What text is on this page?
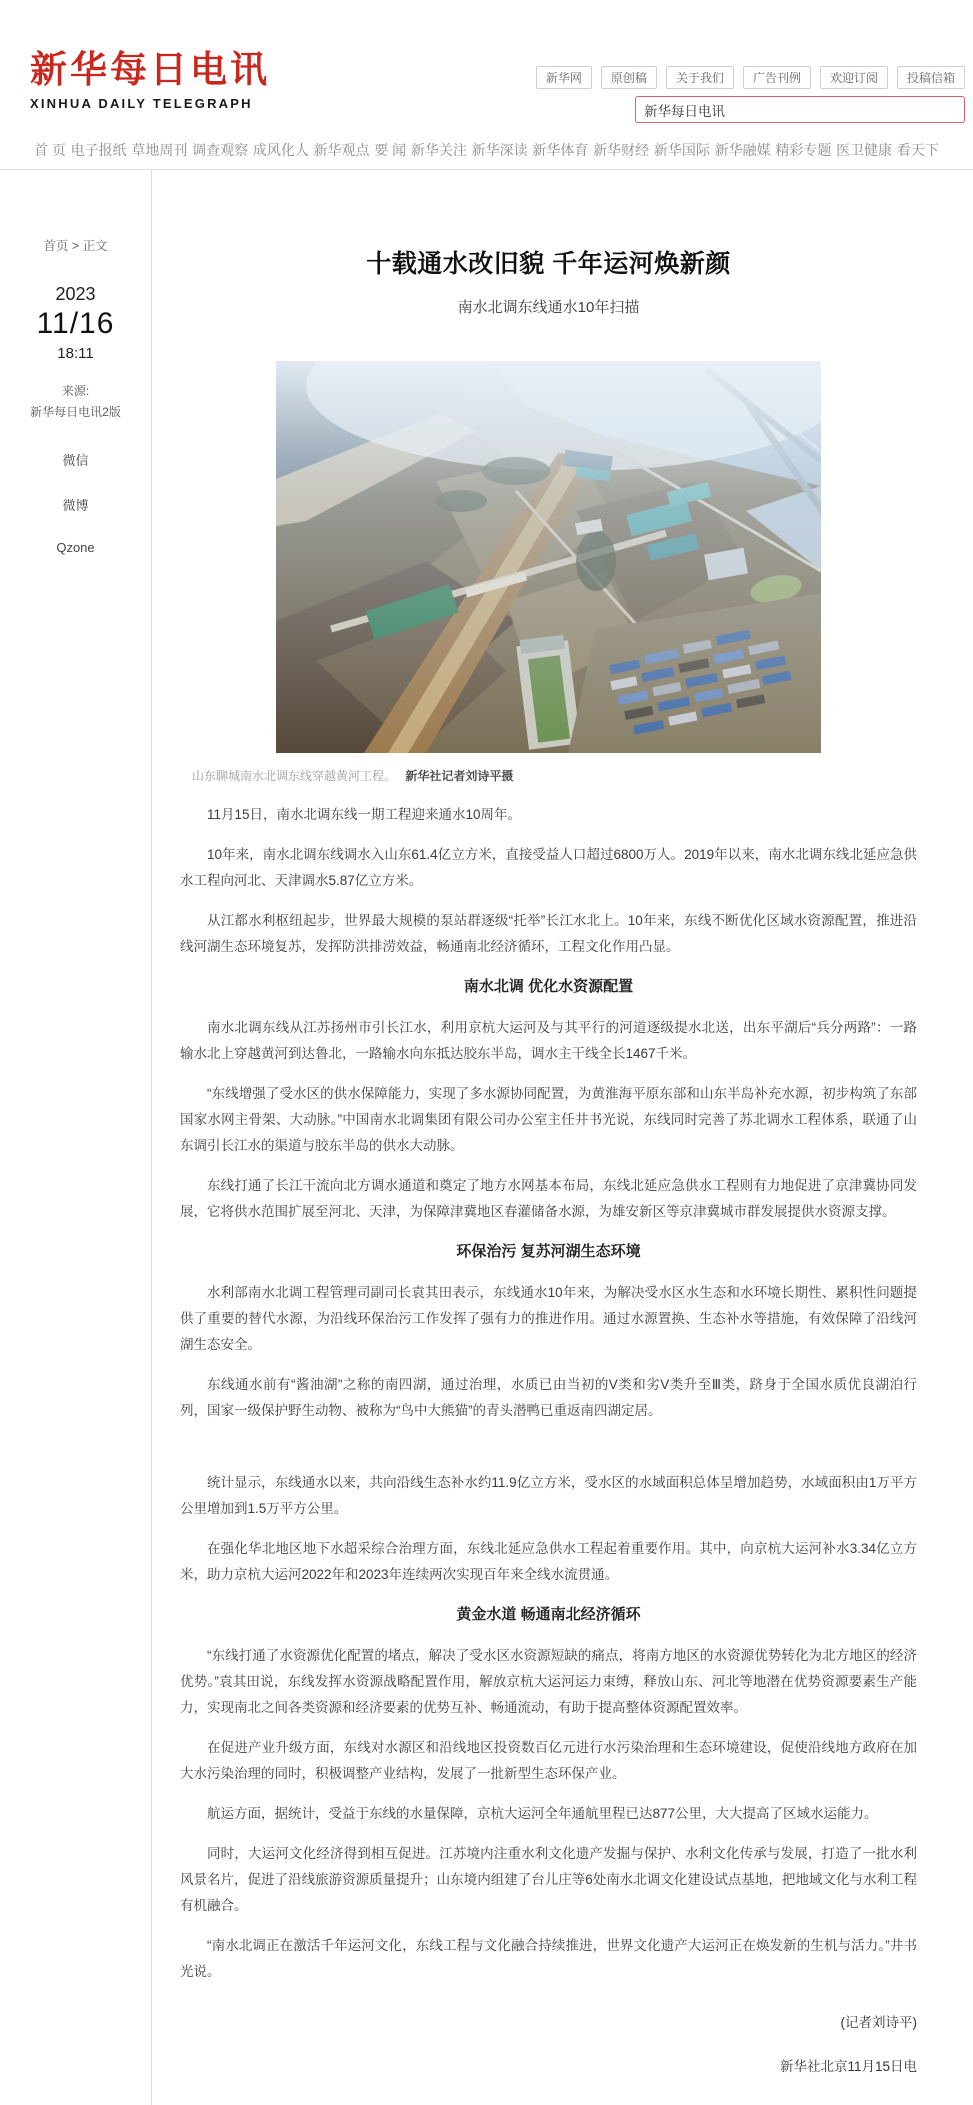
新华每日电讯
XINHUA DAILY TELEGRAPH
新华网	原创稿	关于我们	广告刊例	欢迎订阅	投稿信箱
新华每日电讯
首 页 电子报纸 草地周刊 调查观察 成风化人 新华观点 要 闻 新华关注 新华深读 新华体育 新华财经 新华国际 新华融媒 精彩专题 医卫健康 看天下
首页 > 正文
2023
11/16
18:11
来源:
新华每日电讯2版
微信
微博
Qzone
十载通水改旧貌 千年运河焕新颜
南水北调东线通水10年扫描
山东聊城南水北调东线穿越黄河工程。 新华社记者刘诗平摄

11月15日，南水北调东线一期工程迎来通水10周年。

10年来，南水北调东线调水入山东61.4亿立方米，直接受益人口超过6800万人。2019年以来，南水北调东线北延应急供水工程向河北、天津调水5.87亿立方米。

从江都水利枢纽起步，世界最大规模的泵站群逐级“托举”长江水北上。10年来，东线不断优化区域水资源配置，推进沿线河湖生态环境复苏，发挥防洪排涝效益，畅通南北经济循环，工程文化作用凸显。

南水北调 优化水资源配置

南水北调东线从江苏扬州市引长江水，利用京杭大运河及与其平行的河道逐级提水北送，出东平湖后“兵分两路”：一路输水北上穿越黄河到达鲁北，一路输水向东抵达胶东半岛，调水主干线全长1467千米。

“东线增强了受水区的供水保障能力，实现了多水源协同配置，为黄淮海平原东部和山东半岛补充水源，初步构筑了东部国家水网主骨架、大动脉。”中国南水北调集团有限公司办公室主任井书光说，东线同时完善了苏北调水工程体系，联通了山东调引长江水的渠道与胶东半岛的供水大动脉。

东线打通了长江干流向北方调水通道和奠定了地方水网基本布局，东线北延应急供水工程则有力地促进了京津冀协同发展，它将供水范围扩展至河北、天津，为保障津冀地区春灌储备水源，为雄安新区等京津冀城市群发展提供水资源支撑。

环保治污 复苏河湖生态环境

水利部南水北调工程管理司副司长袁其田表示，东线通水10年来，为解决受水区水生态和水环境长期性、累积性问题提供了重要的替代水源，为沿线环保治污工作发挥了强有力的推进作用。通过水源置换、生态补水等措施，有效保障了沿线河湖生态安全。

东线通水前有“酱油湖”之称的南四湖，通过治理，水质已由当初的V类和劣V类升至Ⅲ类，跻身于全国水质优良湖泊行列，国家一级保护野生动物、被称为“鸟中大熊猫”的青头潜鸭已重返南四湖定居。

统计显示，东线通水以来，共向沿线生态补水约11.9亿立方米，受水区的水域面积总体呈增加趋势，水域面积由1万平方公里增加到1.5万平方公里。

在强化华北地区地下水超采综合治理方面，东线北延应急供水工程起着重要作用。其中，向京杭大运河补水3.34亿立方米，助力京杭大运河2022年和2023年连续两次实现百年来全线水流贯通。

黄金水道 畅通南北经济循环

“东线打通了水资源优化配置的堵点，解决了受水区水资源短缺的痛点，将南方地区的水资源优势转化为北方地区的经济优势。”袁其田说，东线发挥水资源战略配置作用，解放京杭大运河运力束缚，释放山东、河北等地潜在优势资源要素生产能力，实现南北之间各类资源和经济要素的优势互补、畅通流动，有助于提高整体资源配置效率。

在促进产业升级方面，东线对水源区和沿线地区投资数百亿元进行水污染治理和生态环境建设，促使沿线地方政府在加大水污染治理的同时，积极调整产业结构，发展了一批新型生态环保产业。

航运方面，据统计，受益于东线的水量保障，京杭大运河全年通航里程已达877公里，大大提高了区域水运能力。

同时，大运河文化经济得到相互促进。江苏境内注重水利文化遗产发掘与保护、水利文化传承与发展，打造了一批水利风景名片，促进了沿线旅游资源质量提升；山东境内组建了台儿庄等6处南水北调文化建设试点基地，把地域文化与水利工程有机融合。

“南水北调正在激活千年运河文化，东线工程与文化融合持续推进，世界文化遗产大运河正在焕发新的生机与活力。”井书光说。

(记者刘诗平)
新华社北京11月15日电
